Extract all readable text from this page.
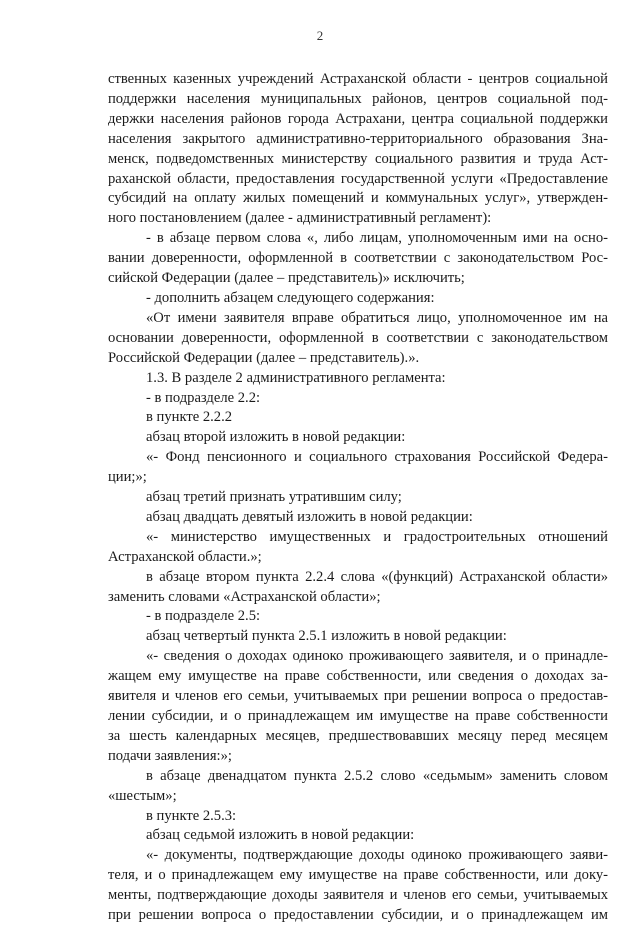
2
ственных казенных учреждений Астраханской области - центров социальной
поддержки населения муниципальных районов, центров социальной под-
держки населения районов города Астрахани, центра социальной поддержки
населения закрытого административно-территориального образования Зна-
менск, подведомственных министерству социального развития и труда Аст-
раханской области, предоставления государственной услуги «Предоставление
субсидий на оплату жилых помещений и коммунальных услуг», утвержден-
ного постановлением (далее - административный регламент):
- в абзаце первом слова «, либо лицам, уполномоченным ими на осно-
вании доверенности, оформленной в соответствии с законодательством Рос-
сийской Федерации (далее – представитель)» исключить;
- дополнить абзацем следующего содержания:
«От имени заявителя вправе обратиться лицо, уполномоченное им на
основании доверенности, оформленной в соответствии с законодательством
Российской Федерации (далее – представитель).».
1.3. В разделе 2 административного регламента:
- в подразделе 2.2:
в пункте 2.2.2
абзац второй изложить в новой редакции:
«- Фонд пенсионного и социального страхования Российской Федера-
ции;»;
абзац третий признать утратившим силу;
абзац двадцать девятый изложить в новой редакции:
«- министерство имущественных и градостроительных отношений
Астраханской области.»;
в абзаце втором пункта 2.2.4 слова «(функций) Астраханской области»
заменить словами «Астраханской области»;
- в подразделе 2.5:
абзац четвертый пункта 2.5.1 изложить в новой редакции:
«- сведения о доходах одиноко проживающего заявителя, и о принадле-
жащем ему имуществе на праве собственности, или сведения о доходах за-
явителя и членов его семьи, учитываемых при решении вопроса о предостав-
лении субсидии, и о принадлежащем им имуществе на праве собственности
за шесть календарных месяцев, предшествовавших месяцу перед месяцем
подачи заявления:»;
в абзаце двенадцатом пункта 2.5.2 слово «седьмым» заменить словом
«шестым»;
в пункте 2.5.3:
абзац седьмой изложить в новой редакции:
«- документы, подтверждающие доходы одиноко проживающего заяви-
теля, и о принадлежащем ему имуществе на праве собственности, или доку-
менты, подтверждающие доходы заявителя и членов его семьи, учитываемых
при решении вопроса о предоставлении субсидии, и о принадлежащем им
